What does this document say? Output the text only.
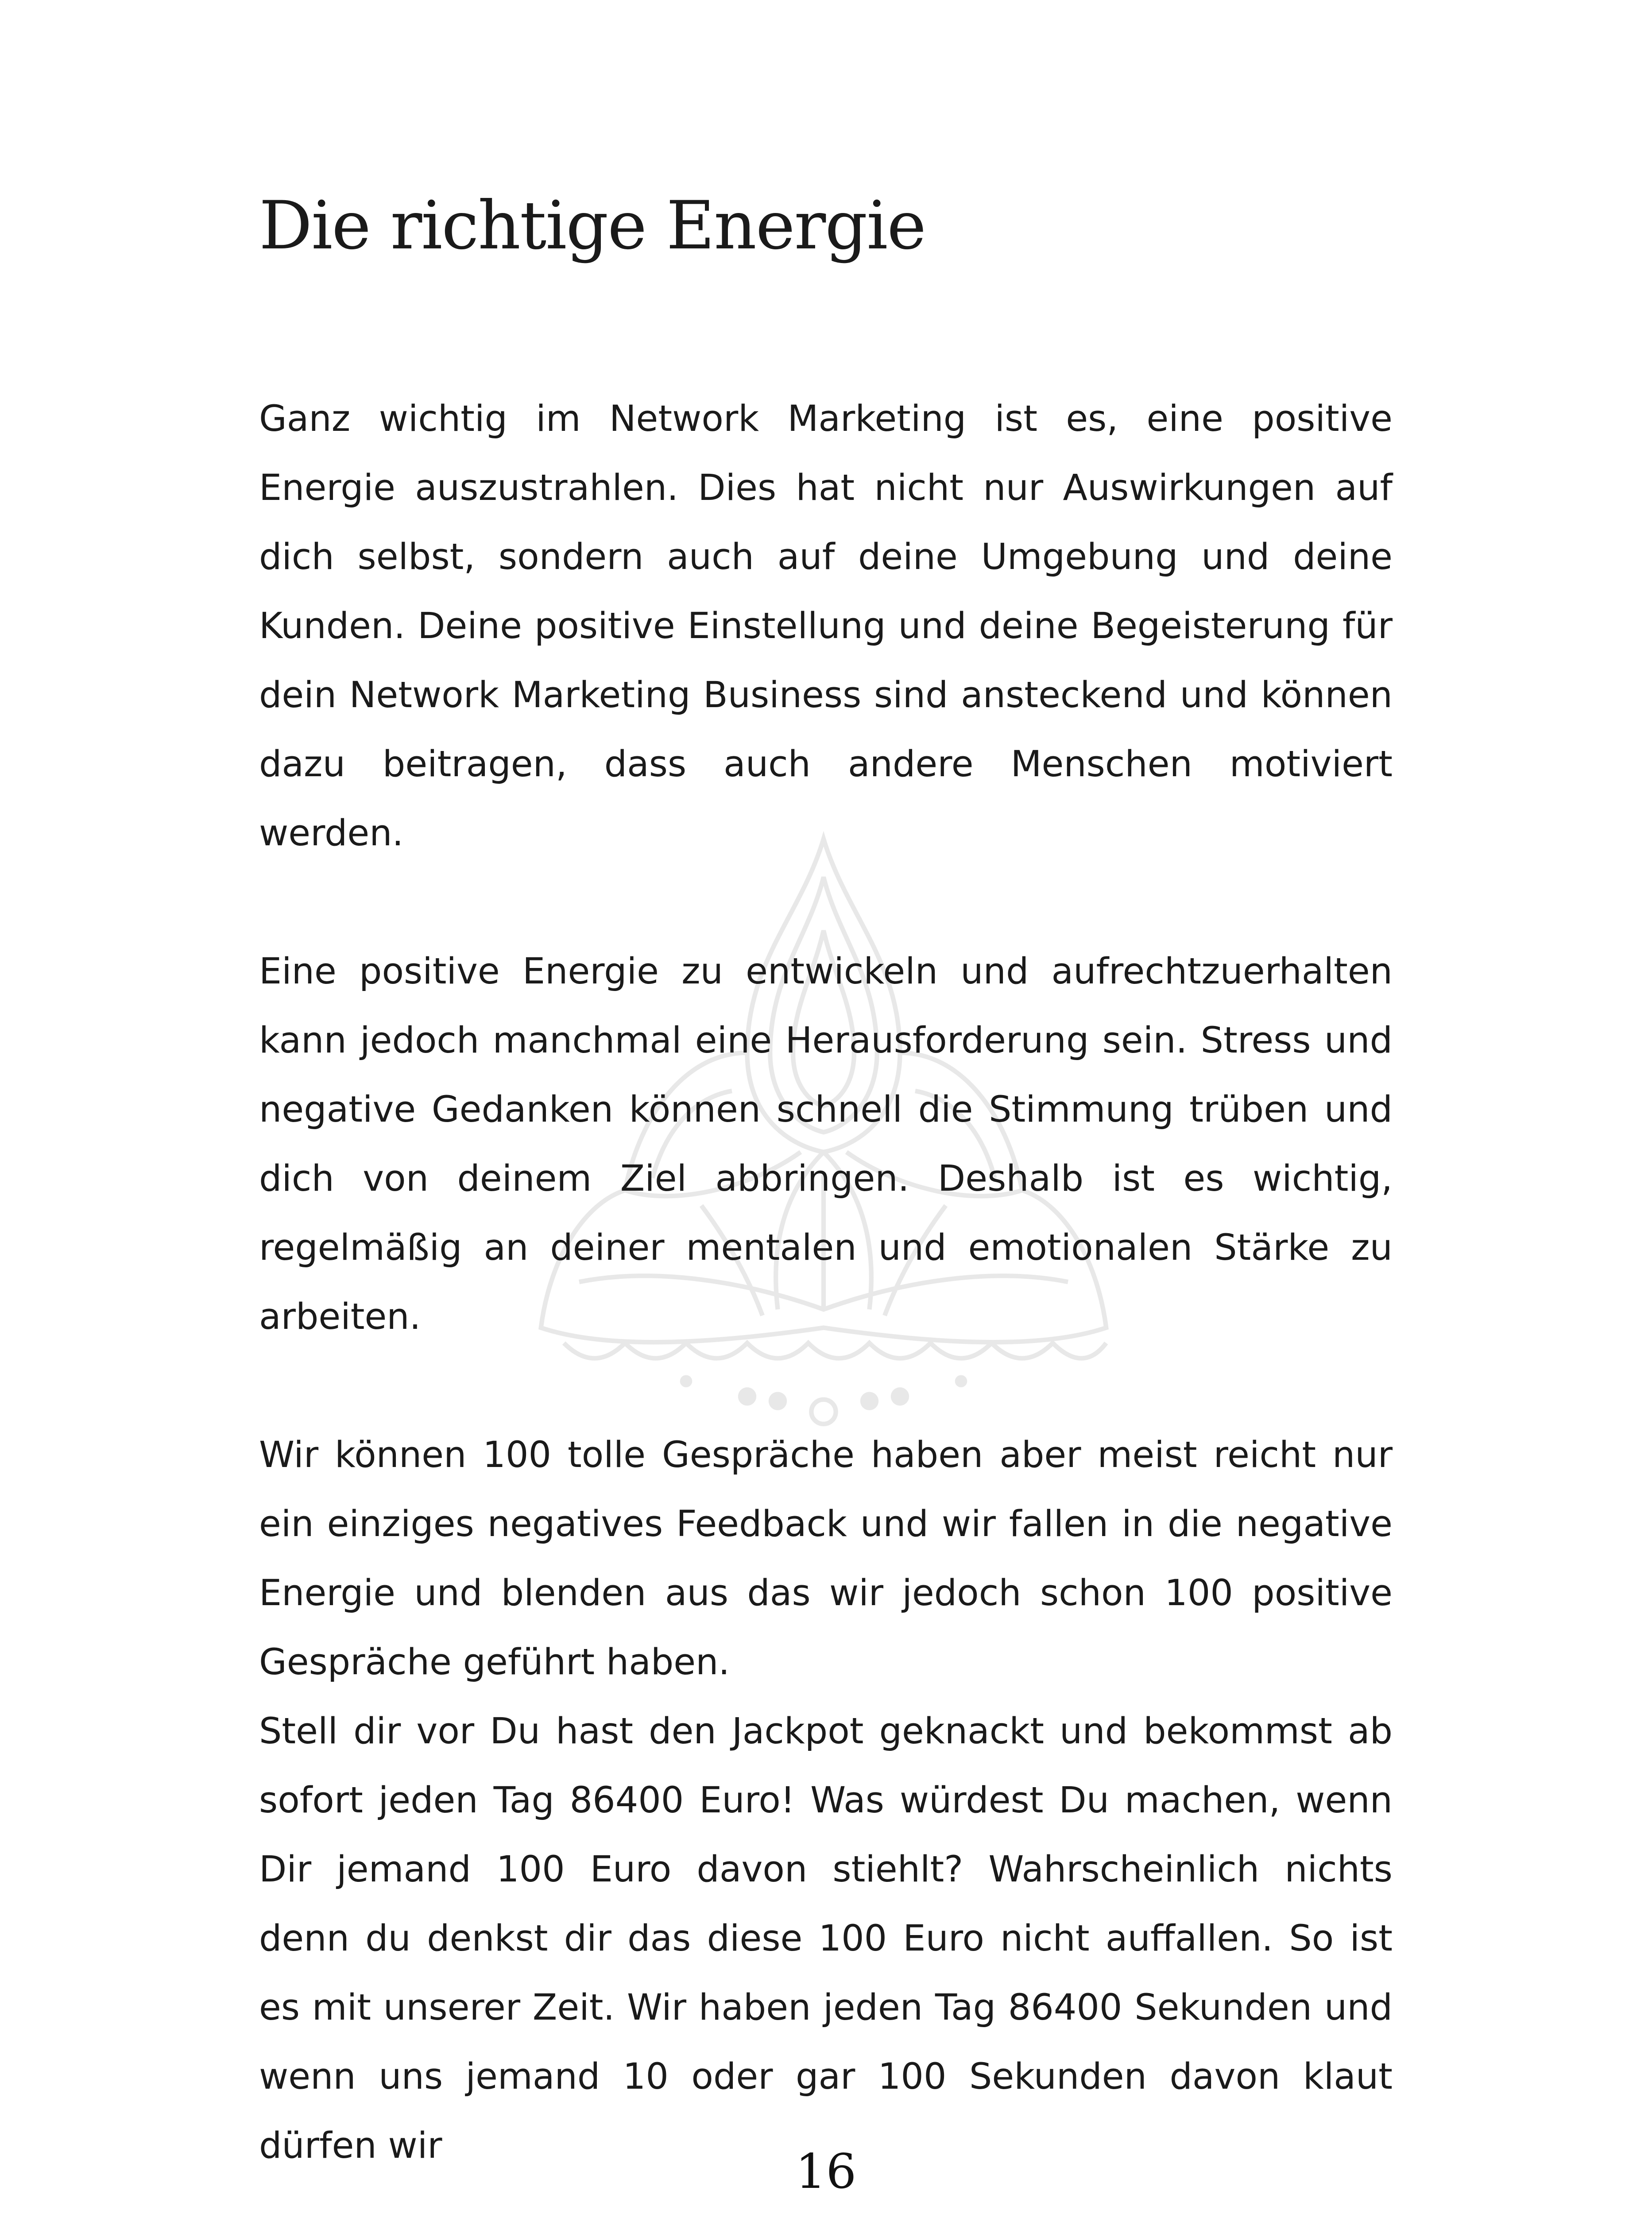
Die richtige Energie

Ganz wichtig im Network Marketing ist es, eine positive Energie auszustrahlen. Dies hat nicht nur Auswirkungen auf dich selbst, sondern auch auf deine Umgebung und deine Kunden. Deine positive Einstellung und deine Begeisterung für dein Network Marketing Business sind ansteckend und können dazu beitragen, dass auch andere Menschen motiviert werden.

Eine positive Energie zu entwickeln und aufrechtzuerhalten kann jedoch manchmal eine Herausforderung sein. Stress und negative Gedanken können schnell die Stimmung trüben und dich von deinem Ziel abbringen. Deshalb ist es wichtig, regelmäßig an deiner mentalen und emotionalen Stärke zu arbeiten.

Wir können 100 tolle Gespräche haben aber meist reicht nur ein einziges negatives Feedback und wir fallen in die negative Energie und blenden aus das wir jedoch schon 100 positive Gespräche geführt haben.

Stell dir vor Du hast den Jackpot geknackt und bekommst ab sofort jeden Tag 86400 Euro! Was würdest Du machen, wenn Dir jemand 100 Euro davon stiehlt? Wahrscheinlich nichts denn du denkst dir das diese 100 Euro nicht auffallen. So ist es mit unserer Zeit. Wir haben jeden Tag 86400 Sekunden und wenn uns jemand 10 oder gar 100 Sekunden davon klaut dürfen wir	16
